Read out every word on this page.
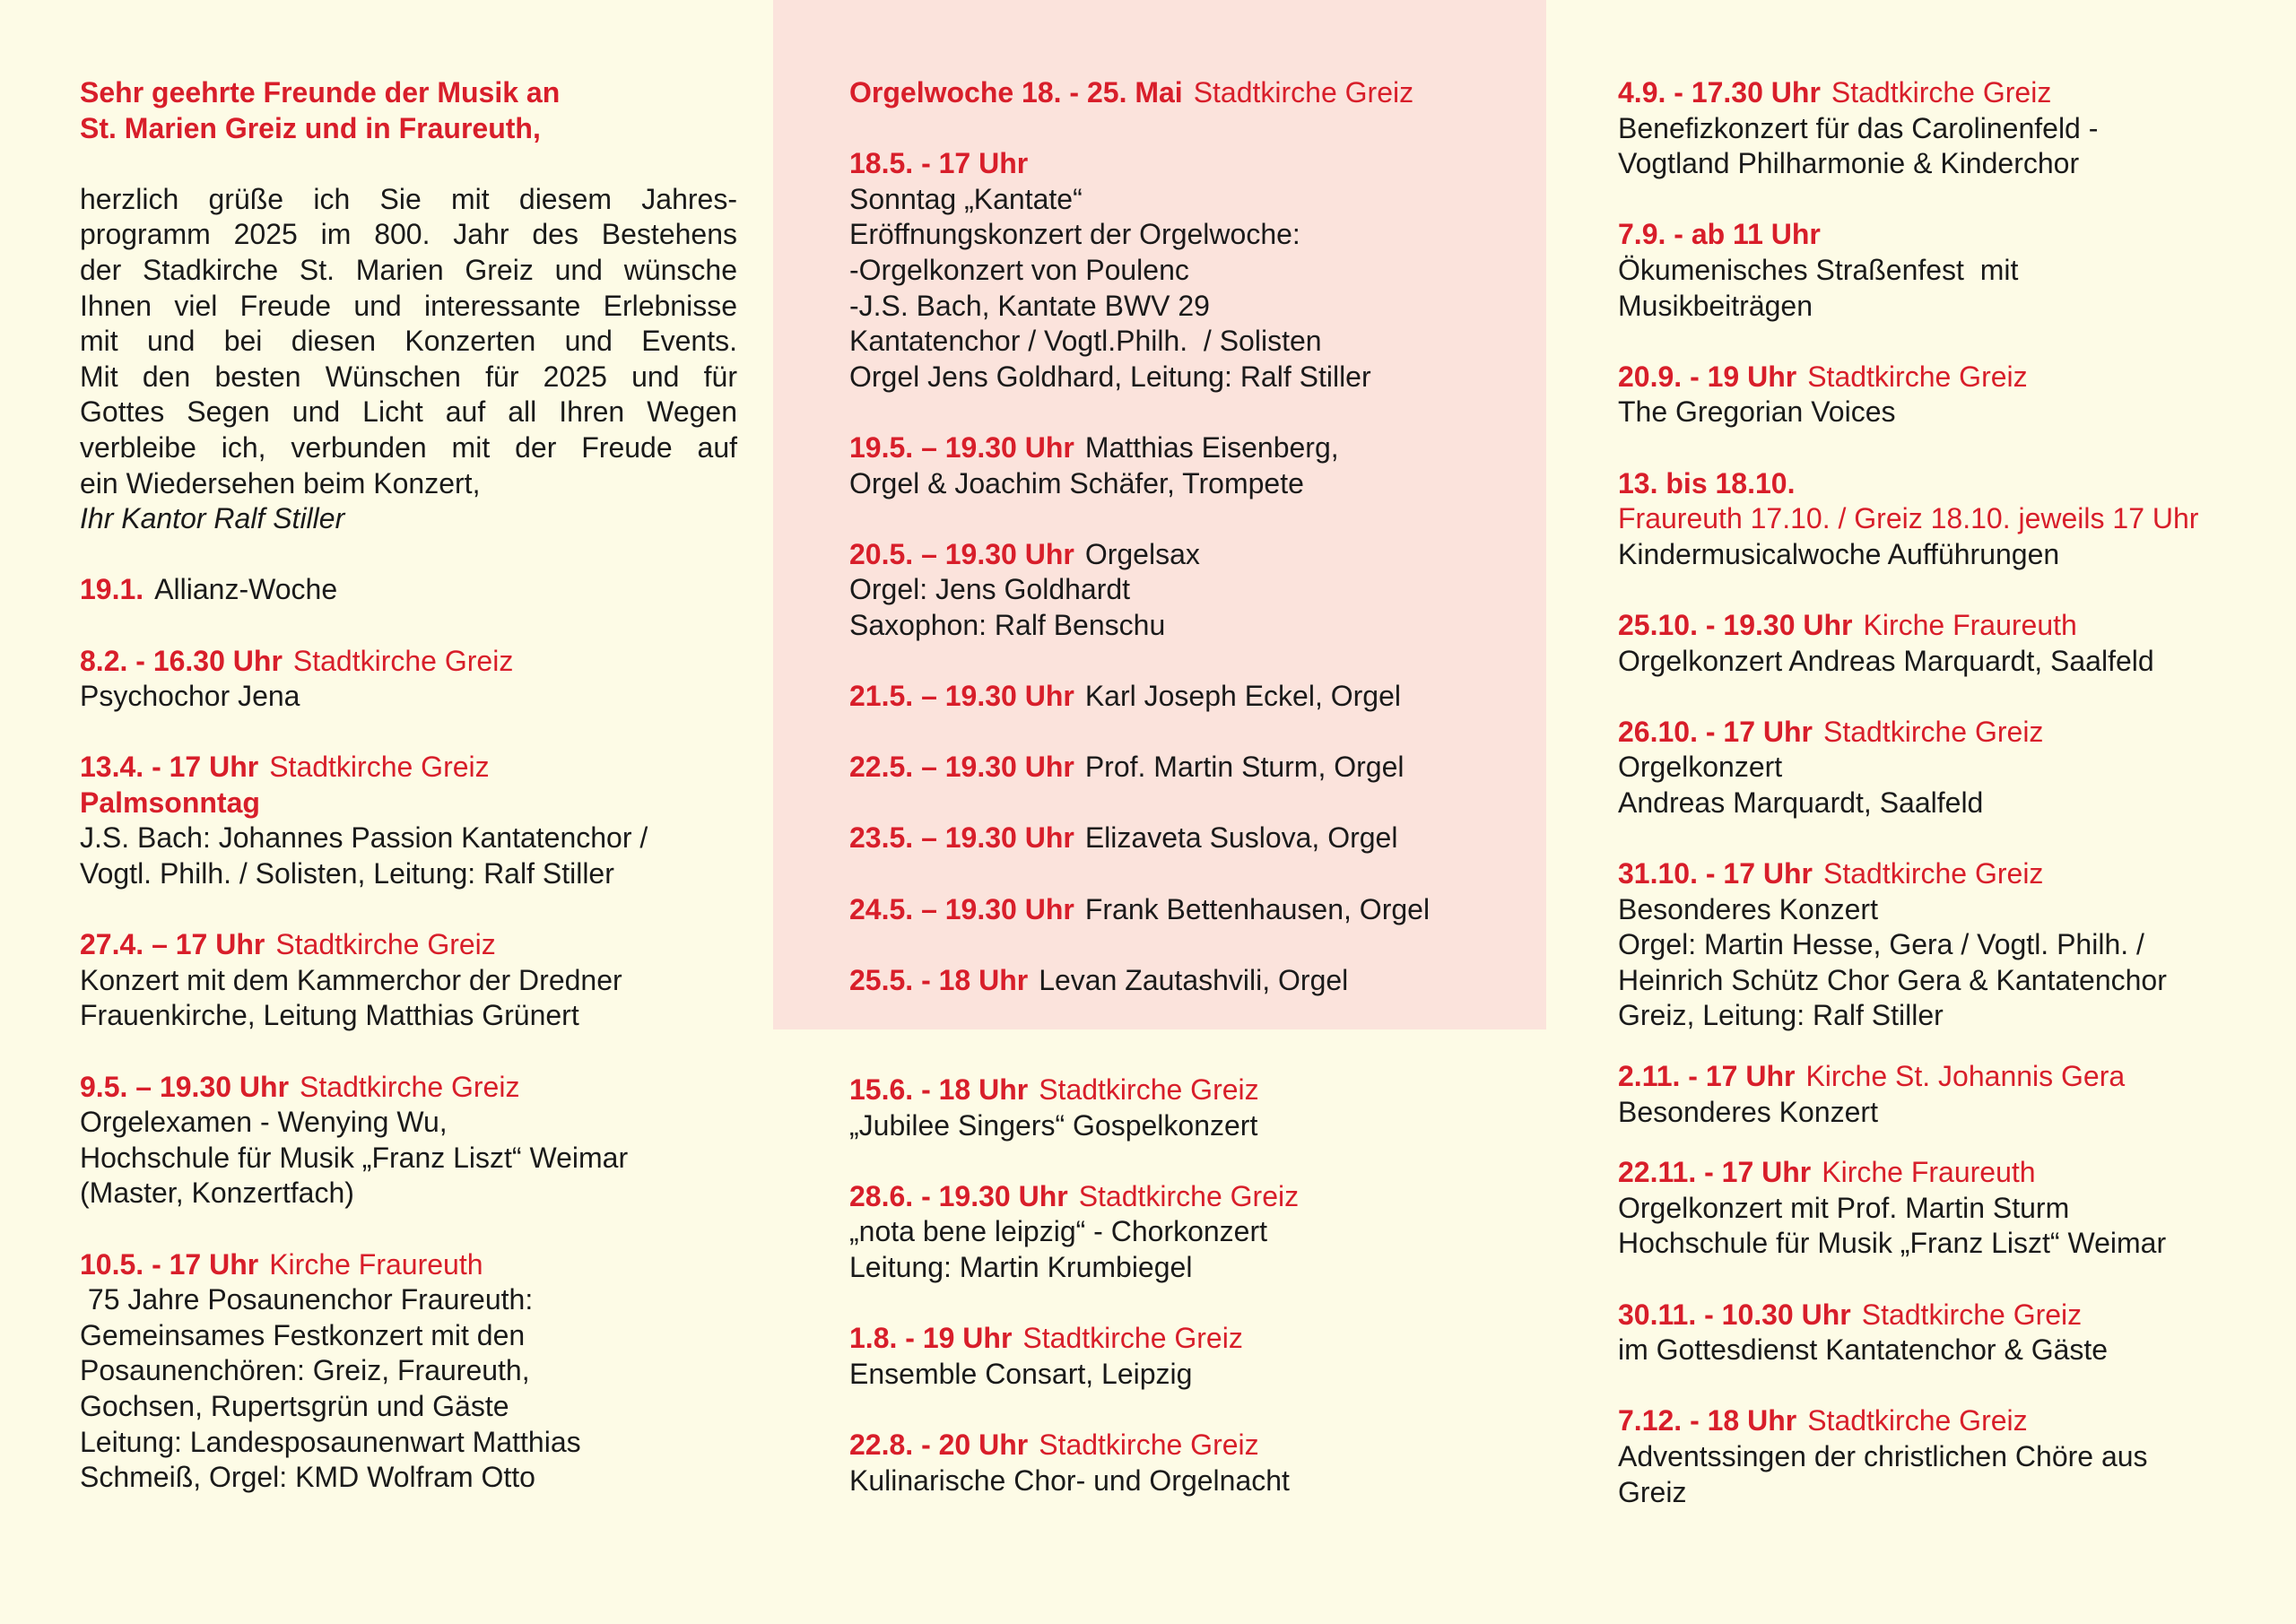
Sehr geehrte Freunde der Musik an
St. Marien Greiz und in Fraureuth,
herzlich grüße ich Sie mit diesem Jahres-
programm 2025 im 800. Jahr des Bestehens
der Stadkirche St. Marien Greiz und wünsche
Ihnen viel Freude und interessante Erlebnisse
mit und bei diesen Konzerten und Events.
Mit den besten Wünschen für 2025 und für
Gottes Segen und Licht auf all Ihren Wegen
verbleibe ich, verbunden mit der Freude auf
ein Wiedersehen beim Konzert,
Ihr Kantor Ralf Stiller
19.1. Allianz-Woche
8.2. - 16.30 Uhr Stadtkirche Greiz
Psychochor Jena
13.4. - 17 Uhr Stadtkirche Greiz
Palmsonntag
J.S. Bach: Johannes Passion Kantatenchor /
Vogtl. Philh. / Solisten, Leitung: Ralf Stiller
27.4. – 17 Uhr Stadtkirche Greiz
Konzert mit dem Kammerchor der Dredner
Frauenkirche, Leitung Matthias Grünert
9.5. – 19.30 Uhr Stadtkirche Greiz
Orgelexamen - Wenying Wu,
Hochschule für Musik „Franz Liszt“ Weimar
(Master, Konzertfach)
10.5. - 17 Uhr Kirche Fraureuth
75 Jahre Posaunenchor Fraureuth:
Gemeinsames Festkonzert mit den
Posaunenchören: Greiz, Fraureuth,
Gochsen, Rupertsgrün und Gäste
Leitung: Landesposaunenwart Matthias
Schmeiß, Orgel: KMD Wolfram Otto
Orgelwoche 18. - 25. Mai Stadtkirche Greiz
18.5. - 17 Uhr
Sonntag „Kantate“
Eröffnungskonzert der Orgelwoche:
-Orgelkonzert von Poulenc
-J.S. Bach, Kantate BWV 29
Kantatenchor / Vogtl.Philh.  / Solisten
Orgel Jens Goldhard, Leitung: Ralf Stiller
19.5. – 19.30 Uhr Matthias Eisenberg,
Orgel & Joachim Schäfer, Trompete
20.5. – 19.30 Uhr Orgelsax
Orgel: Jens Goldhardt
Saxophon: Ralf Benschu
21.5. – 19.30 Uhr Karl Joseph Eckel, Orgel
22.5. – 19.30 Uhr Prof. Martin Sturm, Orgel
23.5. – 19.30 Uhr Elizaveta Suslova, Orgel
24.5. – 19.30 Uhr Frank Bettenhausen, Orgel
25.5. - 18 Uhr Levan Zautashvili, Orgel
15.6. - 18 Uhr Stadtkirche Greiz
„Jubilee Singers“ Gospelkonzert
28.6. - 19.30 Uhr Stadtkirche Greiz
„nota bene leipzig“ - Chorkonzert
Leitung: Martin Krumbiegel
1.8. - 19 Uhr Stadtkirche Greiz
Ensemble Consart, Leipzig
22.8. - 20 Uhr Stadtkirche Greiz
Kulinarische Chor- und Orgelnacht
4.9. - 17.30 Uhr Stadtkirche Greiz
Benefizkonzert für das Carolinenfeld -
Vogtland Philharmonie & Kinderchor
7.9. - ab 11 Uhr
Ökumenisches Straßenfest  mit
Musikbeiträgen
20.9. - 19 Uhr Stadtkirche Greiz
The Gregorian Voices
13. bis 18.10.
Fraureuth 17.10. / Greiz 18.10. jeweils 17 Uhr
Kindermusicalwoche Aufführungen
25.10. - 19.30 Uhr Kirche Fraureuth
Orgelkonzert Andreas Marquardt, Saalfeld
26.10. - 17 Uhr Stadtkirche Greiz
Orgelkonzert
Andreas Marquardt, Saalfeld
31.10. - 17 Uhr Stadtkirche Greiz
Besonderes Konzert
Orgel: Martin Hesse, Gera / Vogtl. Philh. /
Heinrich Schütz Chor Gera & Kantatenchor
Greiz, Leitung: Ralf Stiller
2.11. - 17 Uhr Kirche St. Johannis Gera
Besonderes Konzert
22.11. - 17 Uhr Kirche Fraureuth
Orgelkonzert mit Prof. Martin Sturm
Hochschule für Musik „Franz Liszt“ Weimar
30.11. - 10.30 Uhr Stadtkirche Greiz
im Gottesdienst Kantatenchor & Gäste
7.12. - 18 Uhr Stadtkirche Greiz
Adventssingen der christlichen Chöre aus
Greiz
